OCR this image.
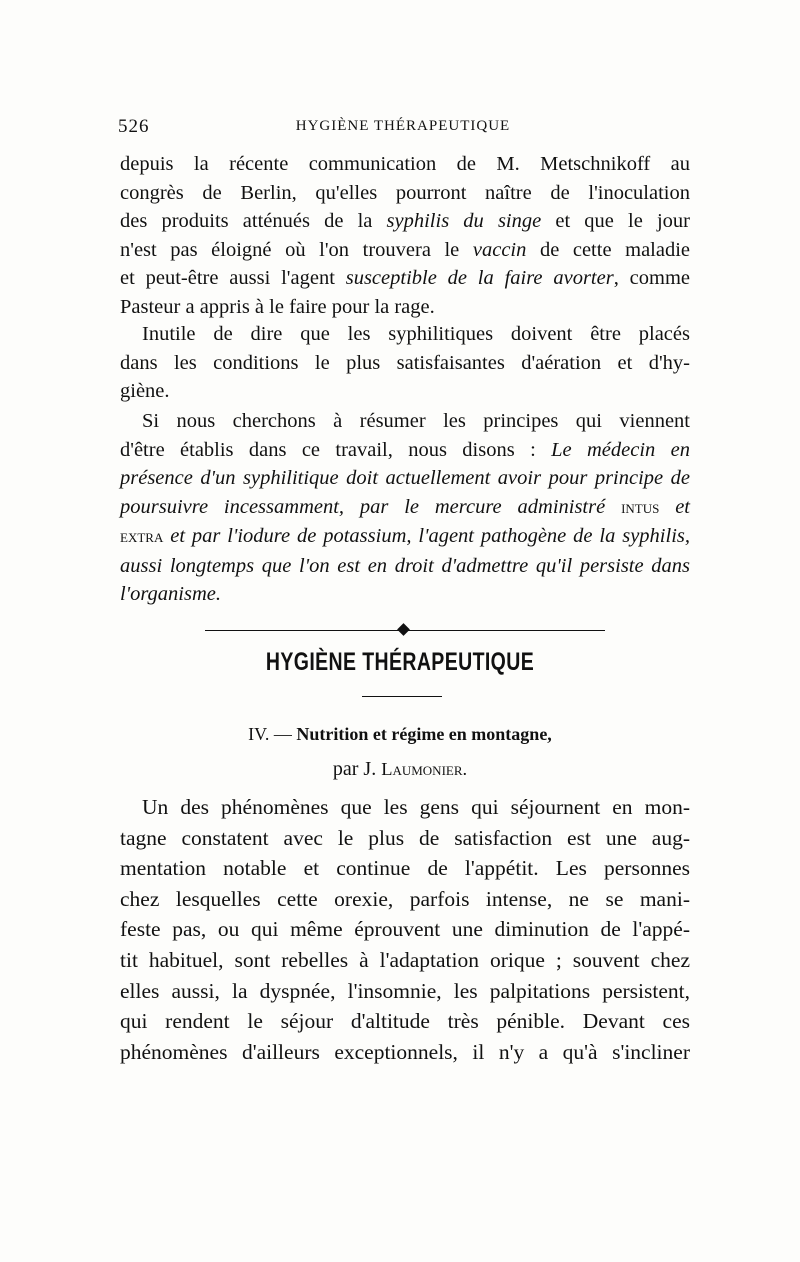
526	HYGIÈNE THÉRAPEUTIQUE
depuis la récente communication de M. Metschnikoff au
congrès de Berlin, qu'elles pourront naître de l'inoculation
des produits atténués de la syphilis du singe et que le jour
n'est pas éloigné où l'on trouvera le vaccin de cette maladie
et peut-être aussi l'agent susceptible de la faire avorter, comme
Pasteur a appris à le faire pour la rage.
Inutile de dire que les syphilitiques doivent être placés
dans les conditions le plus satisfaisantes d'aération et d'hy-
giène.
Si nous cherchons à résumer les principes qui viennent
d'être établis dans ce travail, nous disons : Le médecin en
présence d'un syphilitique doit actuellement avoir pour principe de
poursuivre incessamment, par le mercure administré intus et
extra et par l'iodure de potassium, l'agent pathogène de la syphilis,
aussi longtemps que l'on est en droit d'admettre qu'il persiste dans
l'organisme.
HYGIÈNE THÉRAPEUTIQUE
IV. — Nutrition et régime en montagne,
par J. Laumonier.
Un des phénomènes que les gens qui séjournent en mon-
tagne constatent avec le plus de satisfaction est une aug-
mentation notable et continue de l'appétit. Les personnes
chez lesquelles cette orexie, parfois intense, ne se mani-
feste pas, ou qui même éprouvent une diminution de l'appé-
tit habituel, sont rebelles à l'adaptation orique ; souvent chez
elles aussi, la dyspnée, l'insomnie, les palpitations persistent,
qui rendent le séjour d'altitude très pénible. Devant ces
phénomènes d'ailleurs exceptionnels, il n'y a qu'à s'incliner
